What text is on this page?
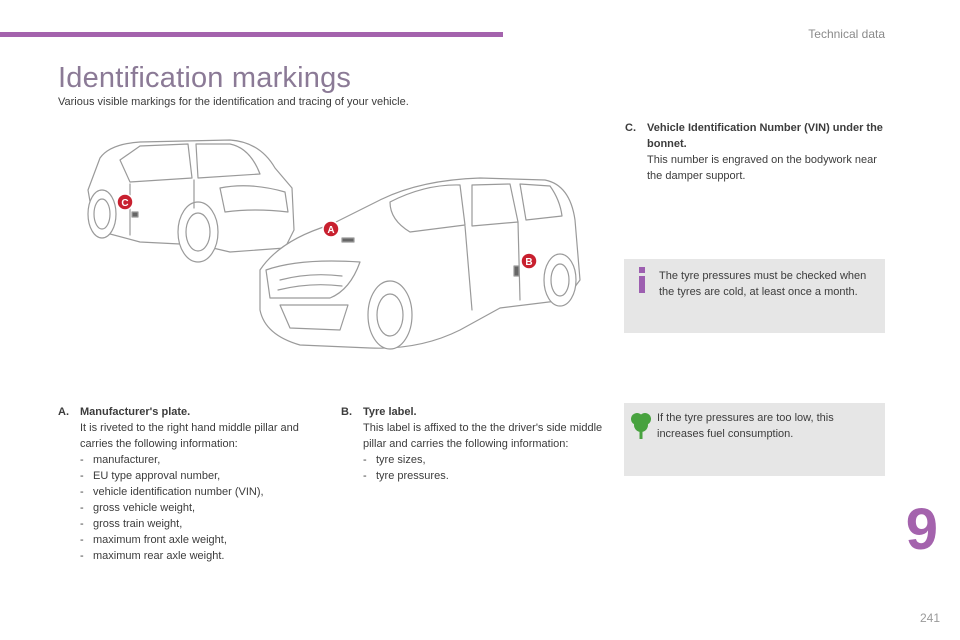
Technical data
Identification markings
Various visible markings for the identification and tracing of your vehicle.
C
A
B
C. Vehicle Identification Number (VIN) under the bonnet.
This number is engraved on the bodywork near the damper support.
The tyre pressures must be checked when the tyres are cold, at least once a month.
If the tyre pressures are too low, this increases fuel consumption.
A. Manufacturer's plate.
It is riveted to the right hand middle pillar and carries the following information:
- manufacturer,
- EU type approval number,
- vehicle identification number (VIN),
- gross vehicle weight,
- gross train weight,
- maximum front axle weight,
- maximum rear axle weight.
B. Tyre label.
This label is affixed to the the driver's side middle pillar and carries the following information:
- tyre sizes,
- tyre pressures.
9
241
